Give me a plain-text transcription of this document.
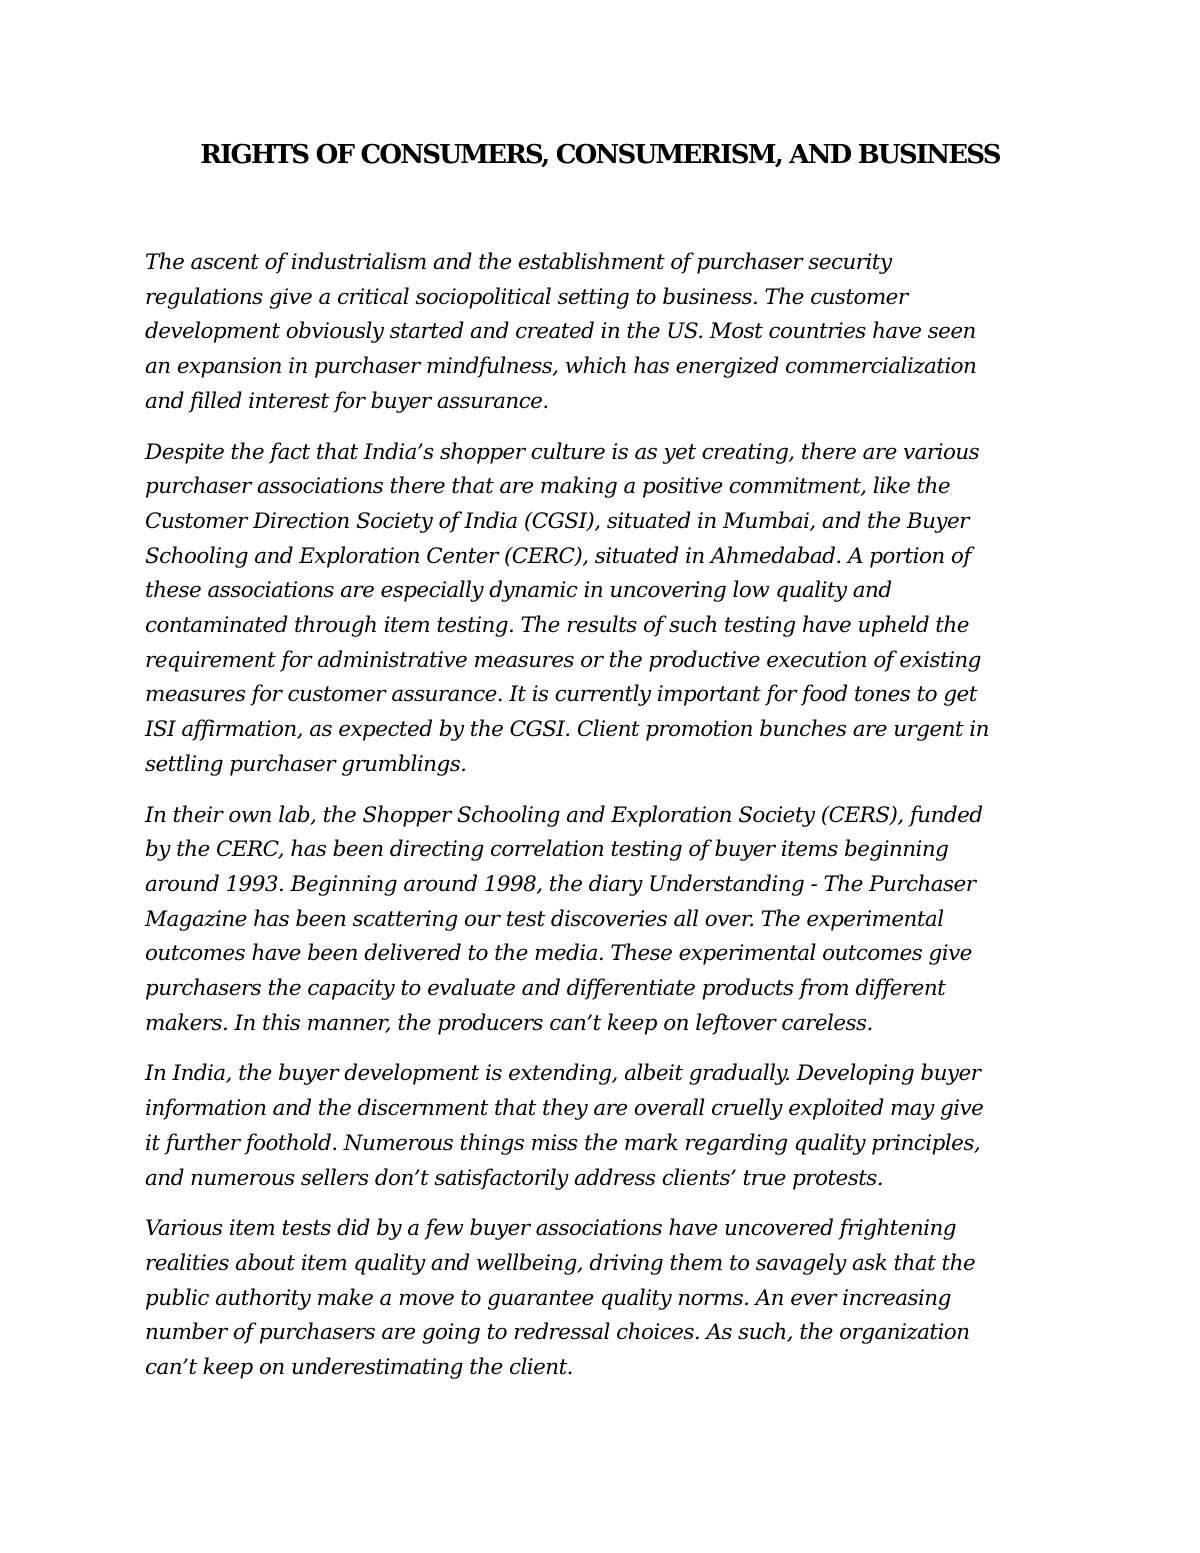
RIGHTS OF CONSUMERS, CONSUMERISM, AND BUSINESS

The ascent of industrialism and the establishment of purchaser security
regulations give a critical sociopolitical setting to business. The customer
development obviously started and created in the US. Most countries have seen
an expansion in purchaser mindfulness, which has energized commercialization
and filled interest for buyer assurance.

Despite the fact that India’s shopper culture is as yet creating, there are various
purchaser associations there that are making a positive commitment, like the
Customer Direction Society of India (CGSI), situated in Mumbai, and the Buyer
Schooling and Exploration Center (CERC), situated in Ahmedabad. A portion of
these associations are especially dynamic in uncovering low quality and
contaminated through item testing. The results of such testing have upheld the
requirement for administrative measures or the productive execution of existing
measures for customer assurance. It is currently important for food tones to get
ISI affirmation, as expected by the CGSI. Client promotion bunches are urgent in
settling purchaser grumblings.

In their own lab, the Shopper Schooling and Exploration Society (CERS), funded
by the CERC, has been directing correlation testing of buyer items beginning
around 1993. Beginning around 1998, the diary Understanding - The Purchaser
Magazine has been scattering our test discoveries all over. The experimental
outcomes have been delivered to the media. These experimental outcomes give
purchasers the capacity to evaluate and differentiate products from different
makers. In this manner, the producers can’t keep on leftover careless.

In India, the buyer development is extending, albeit gradually. Developing buyer
information and the discernment that they are overall cruelly exploited may give
it further foothold. Numerous things miss the mark regarding quality principles,
and numerous sellers don’t satisfactorily address clients’ true protests.

Various item tests did by a few buyer associations have uncovered frightening
realities about item quality and wellbeing, driving them to savagely ask that the
public authority make a move to guarantee quality norms. An ever increasing
number of purchasers are going to redressal choices. As such, the organization
can’t keep on underestimating the client.
